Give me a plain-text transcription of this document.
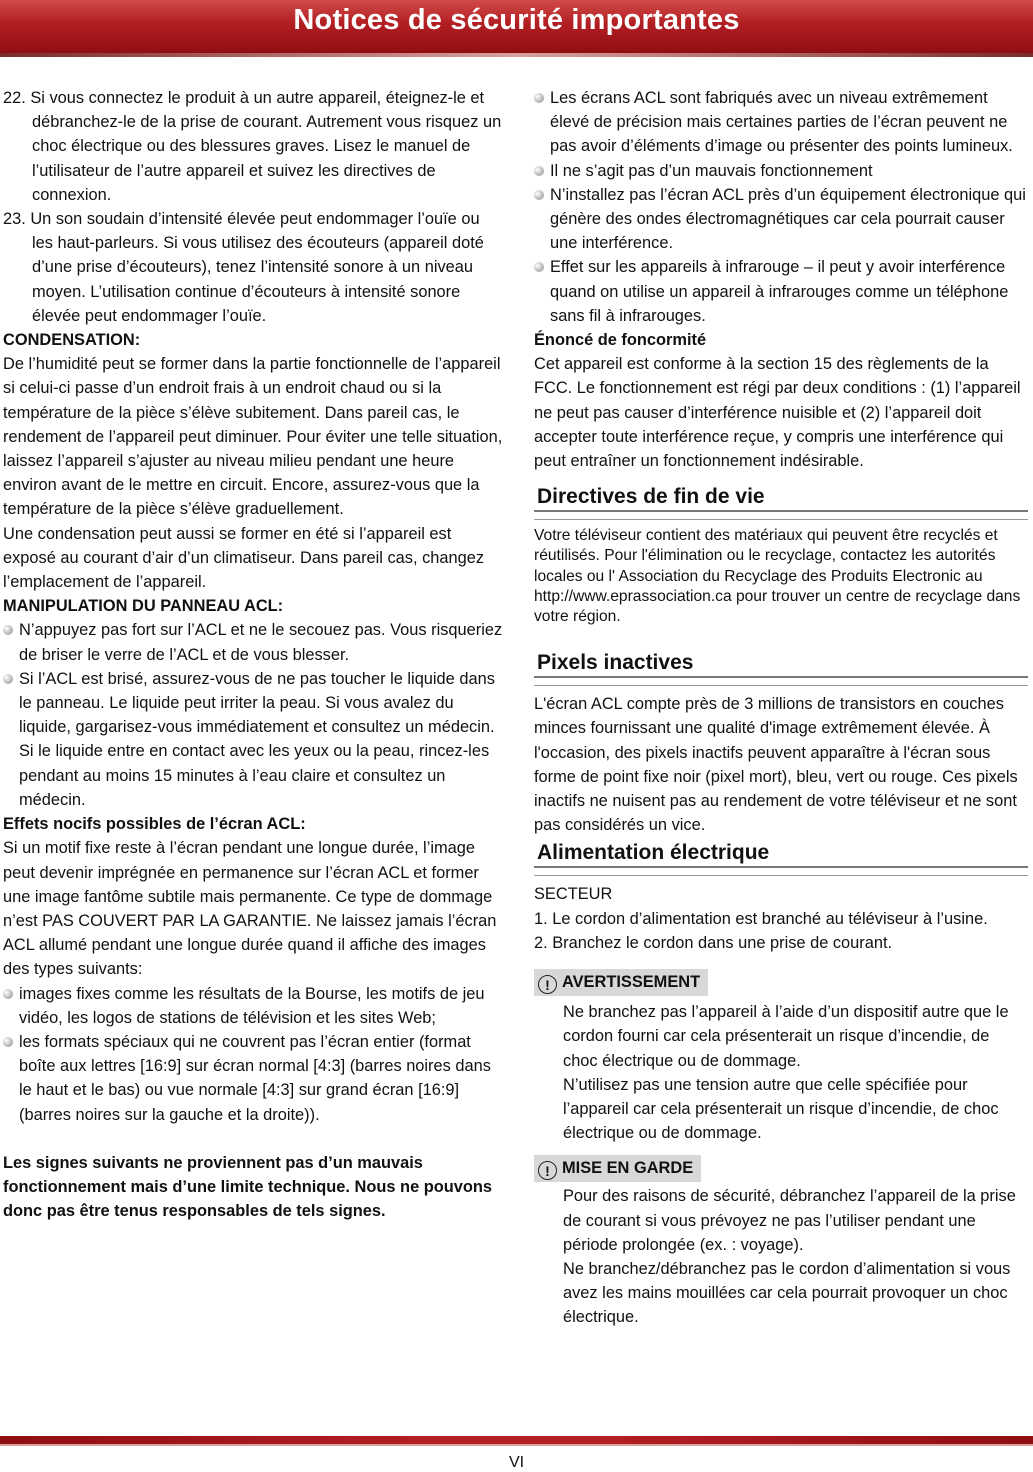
Notices de sécurité importantes

22. Si vous connectez le produit à un autre appareil, éteignez-le et débranchez-le de la prise de courant. Autrement vous risquez un choc électrique ou des blessures graves. Lisez le manuel de l’utilisateur de l’autre appareil et suivez les directives de connexion.

23. Un son soudain d’intensité élevée peut endommager l’ouïe ou les haut-parleurs. Si vous utilisez des écouteurs (appareil doté d’une prise d’écouteurs), tenez l’intensité sonore à un niveau moyen. L’utilisation continue d’écouteurs à intensité sonore élevée peut endommager l’ouïe.

CONDENSATION:

De l’humidité peut se former dans la partie fonctionnelle de l’appareil si celui-ci passe d’un endroit frais à un endroit chaud ou si la température de la pièce s’élève subitement. Dans pareil cas, le rendement de l’appareil peut diminuer. Pour éviter une telle situation, laissez l’appareil s’ajuster au niveau milieu pendant une heure environ avant de le mettre en circuit. Encore, assurez-vous que la température de la pièce s’élève graduellement.

Une condensation peut aussi se former en été si l’appareil est exposé au courant d’air d’un climatiseur. Dans pareil cas, changez l’emplacement de l’appareil.

MANIPULATION DU PANNEAU ACL:

N’appuyez pas fort sur l’ACL et ne le secouez pas. Vous risqueriez de briser le verre de l’ACL et de vous blesser.

Si l’ACL est brisé, assurez-vous de ne pas toucher le liquide dans le panneau. Le liquide peut irriter la peau. Si vous avalez du liquide, gargarisez-vous immédiatement et consultez un médecin. Si le liquide entre en contact avec les yeux ou la peau, rincez-les pendant au moins 15 minutes à l’eau claire et consultez un médecin.

Effets nocifs possibles de l’écran ACL:

Si un motif fixe reste à l’écran pendant une longue durée, l’image peut devenir imprégnée en permanence sur l’écran ACL et former une image fantôme subtile mais permanente. Ce type de dommage n’est PAS COUVERT PAR LA GARANTIE. Ne laissez jamais l’écran ACL allumé pendant une longue durée quand il affiche des images des types suivants:

images fixes comme les résultats de la Bourse, les motifs de jeu vidéo, les logos de stations de télévision et les sites Web;

les formats spéciaux qui ne couvrent pas l’écran entier (format boîte aux lettres [16:9] sur écran normal [4:3] (barres noires dans le haut et le bas) ou vue normale [4:3] sur grand écran [16:9] (barres noires sur la gauche et la droite)).

Les signes suivants ne proviennent pas d’un mauvais fonctionnement mais d’une limite technique. Nous ne pouvons donc pas être tenus responsables de tels signes.

Les écrans ACL sont fabriqués avec un niveau extrêmement élevé de précision mais certaines parties de l’écran peuvent ne pas avoir d’éléments d’image ou présenter des points lumineux.

Il ne s’agit pas d’un mauvais fonctionnement

N’installez pas l’écran ACL près d’un équipement électronique qui génère des ondes électromagnétiques car cela pourrait causer une interférence.

Effet sur les appareils à infrarouge – il peut y avoir interférence quand on utilise un appareil à infrarouges comme un téléphone sans fil à infrarouges.

Énoncé de foncormité

Cet appareil est conforme à la section 15 des règlements de la FCC. Le fonctionnement est régi par deux conditions : (1) l’appareil ne peut pas causer d’interférence nuisible et (2) l’appareil doit accepter toute interférence reçue, y compris une interférence qui peut entraîner un fonctionnement indésirable.

Directives de fin de vie

Votre téléviseur contient des matériaux qui peuvent être recyclés et réutilisés. Pour l'élimination ou le recyclage, contactez les autorités locales ou l' Association du Recyclage des Produits Electronic au http://www.eprassociation.ca pour trouver un centre de recyclage dans votre région.

Pixels inactives

L'écran ACL compte près de 3 millions de transistors en couches minces fournissant une qualité d'image extrêmement élevée. À l'occasion, des pixels inactifs peuvent apparaître à l'écran sous forme de point fixe noir (pixel mort), bleu, vert ou rouge. Ces pixels inactifs ne nuisent pas au rendement de votre téléviseur et ne sont pas considérés un vice.

Alimentation électrique

SECTEUR

1. Le cordon d’alimentation est branché au téléviseur à l’usine.

2. Branchez le cordon dans une prise de courant.

! AVERTISSEMENT

Ne branchez pas l’appareil à l’aide d’un dispositif autre que le cordon fourni car cela présenterait un risque d’incendie, de choc électrique ou de dommage.

N’utilisez pas une tension autre que celle spécifiée pour l’appareil car cela présenterait un risque d’incendie, de choc électrique ou de dommage.

! MISE EN GARDE

Pour des raisons de sécurité, débranchez l’appareil de la prise de courant si vous prévoyez ne pas l’utiliser pendant une période prolongée (ex. : voyage).

Ne branchez/débranchez pas le cordon d’alimentation si vous avez les mains mouillées car cela pourrait provoquer un choc électrique.

VI
